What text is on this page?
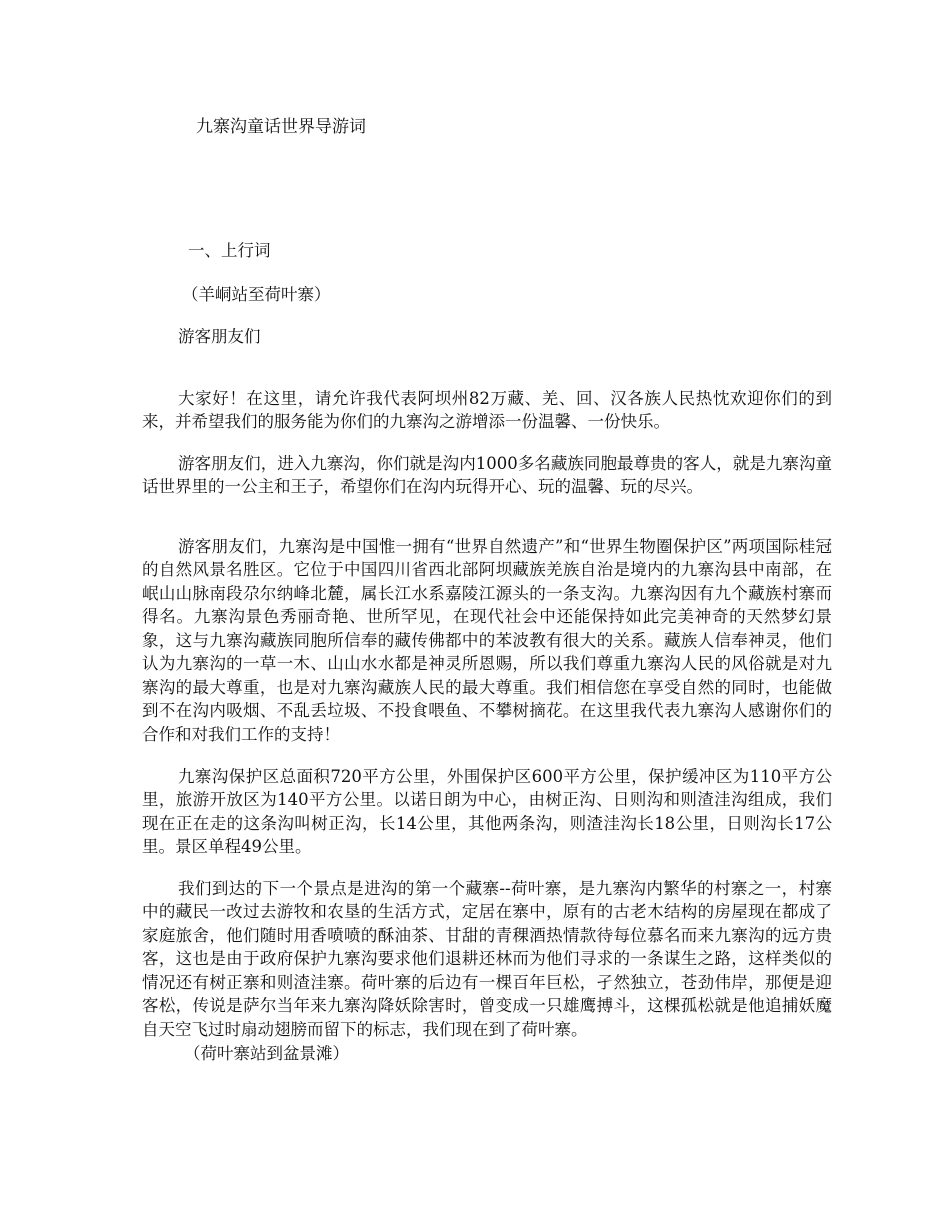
九寨沟童话世界导游词
一、上行词
（羊峒站至荷叶寨）
游客朋友们

大家好！在这里，请允许我代表阿坝州82万藏、羌、回、汉各族人民热忱欢迎你们的到来，并希望我们的服务能为你们的九寨沟之游增添一份温馨、一份快乐。

游客朋友们，进入九寨沟，你们就是沟内1000多名藏族同胞最尊贵的客人，就是九寨沟童话世界里的一公主和王子，希望你们在沟内玩得开心、玩的温馨、玩的尽兴。

游客朋友们，九寨沟是中国惟一拥有“世界自然遗产”和“世界生物圈保护区”两项国际桂冠的自然风景名胜区。它位于中国四川省西北部阿坝藏族羌族自治是境内的九寨沟县中南部，在岷山山脉南段尕尔纳峰北麓，属长江水系嘉陵江源头的一条支沟。九寨沟因有九个藏族村寨而得名。九寨沟景色秀丽奇艳、世所罕见，在现代社会中还能保持如此完美神奇的天然梦幻景象，这与九寨沟藏族同胞所信奉的藏传佛都中的苯波教有很大的关系。藏族人信奉神灵，他们认为九寨沟的一草一木、山山水水都是神灵所恩赐，所以我们尊重九寨沟人民的风俗就是对九寨沟的最大尊重，也是对九寨沟藏族人民的最大尊重。我们相信您在享受自然的同时，也能做到不在沟内吸烟、不乱丢垃圾、不投食喂鱼、不攀树摘花。在这里我代表九寨沟人感谢你们的合作和对我们工作的支持！

九寨沟保护区总面积720平方公里，外围保护区600平方公里，保护缓冲区为110平方公里，旅游开放区为140平方公里。以诺日朗为中心，由树正沟、日则沟和则渣洼沟组成，我们现在正在走的这条沟叫树正沟，长14公里，其他两条沟，则渣洼沟长18公里，日则沟长17公里。景区单程49公里。

我们到达的下一个景点是进沟的第一个藏寨--荷叶寨，是九寨沟内繁华的村寨之一，村寨中的藏民一改过去游牧和农垦的生活方式，定居在寨中，原有的古老木结构的房屋现在都成了家庭旅舍，他们随时用香喷喷的酥油茶、甘甜的青稞酒热情款待每位慕名而来九寨沟的远方贵客，这也是由于政府保护九寨沟要求他们退耕还林而为他们寻求的一条谋生之路，这样类似的情况还有树正寨和则渣洼寨。荷叶寨的后边有一棵百年巨松，孑然独立，苍劲伟岸，那便是迎客松，传说是萨尔当年来九寨沟降妖除害时，曾变成一只雄鹰搏斗，这棵孤松就是他追捕妖魔自天空飞过时扇动翅膀而留下的标志，我们现在到了荷叶寨。

（荷叶寨站到盆景滩）
